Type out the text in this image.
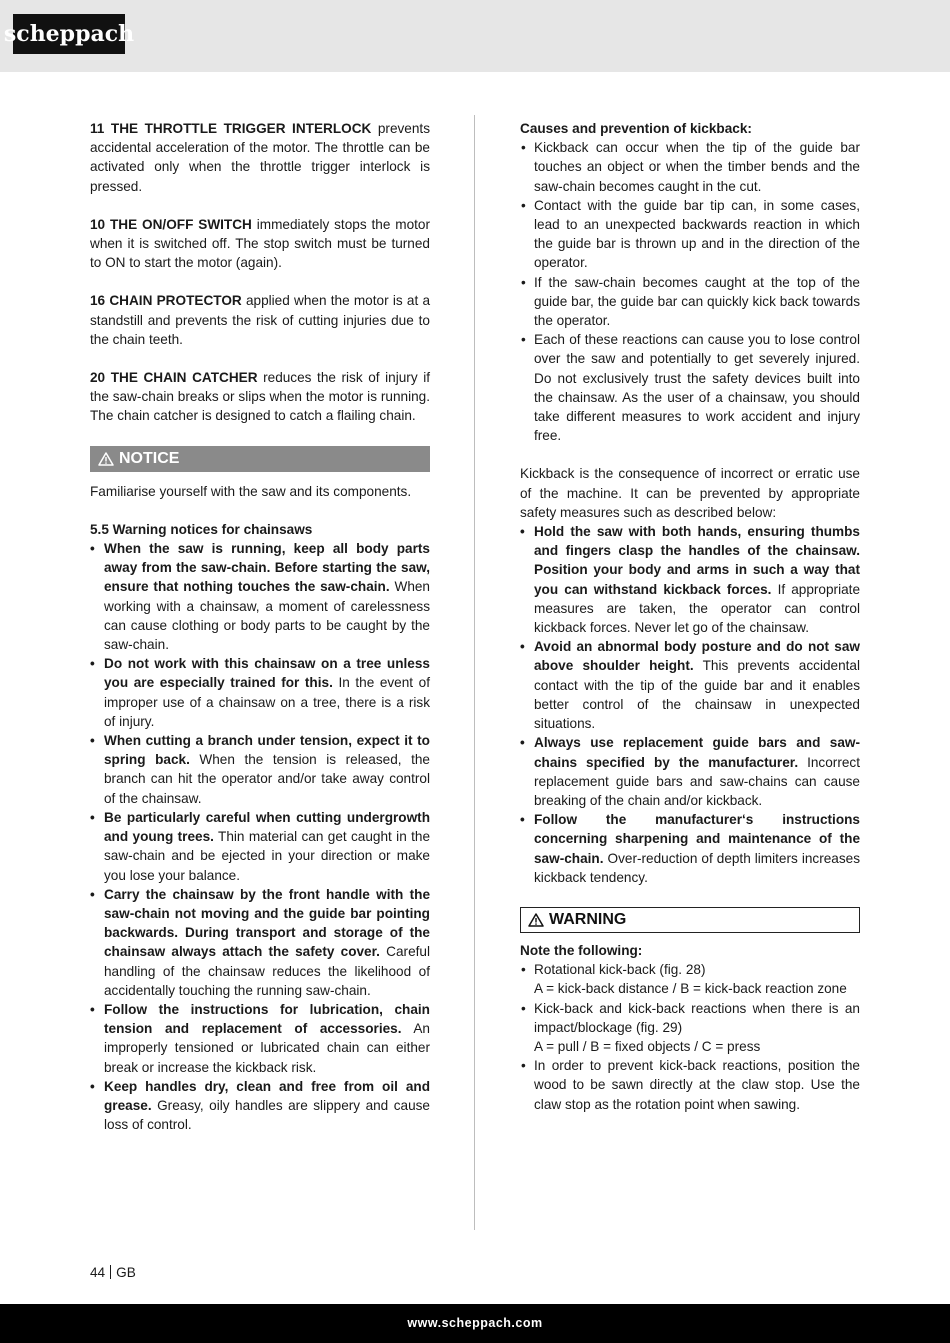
scheppach

11 THE THROTTLE TRIGGER INTERLOCK prevents accidental acceleration of the motor. The throttle can be activated only when the throttle trigger interlock is pressed.

10 THE ON/OFF SWITCH immediately stops the motor when it is switched off. The stop switch must be turned to ON to start the motor (again).

16 CHAIN PROTECTOR applied when the motor is at a standstill and prevents the risk of cutting injuries due to the chain teeth.

20 THE CHAIN CATCHER reduces the risk of injury if the saw-chain breaks or slips when the motor is running. The chain catcher is designed to catch a flailing chain.

NOTICE

Familiarise yourself with the saw and its components.

5.5 Warning notices for chainsaws

• When the saw is running, keep all body parts away from the saw-chain. Before starting the saw, ensure that nothing touches the saw-chain. When working with a chainsaw, a moment of carelessness can cause clothing or body parts to be caught by the saw-chain.
• Do not work with this chainsaw on a tree unless you are especially trained for this. In the event of improper use of a chainsaw on a tree, there is a risk of injury.
• When cutting a branch under tension, expect it to spring back. When the tension is released, the branch can hit the operator and/or take away control of the chainsaw.
• Be particularly careful when cutting undergrowth and young trees. Thin material can get caught in the saw-chain and be ejected in your direction or make you lose your balance.
• Carry the chainsaw by the front handle with the saw-chain not moving and the guide bar pointing backwards. During transport and storage of the chainsaw always attach the safety cover. Careful handling of the chainsaw reduces the likelihood of accidentally touching the running saw-chain.
• Follow the instructions for lubrication, chain tension and replacement of accessories. An improperly tensioned or lubricated chain can either break or increase the kickback risk.
• Keep handles dry, clean and free from oil and grease. Greasy, oily handles are slippery and cause loss of control.

Causes and prevention of kickback:

• Kickback can occur when the tip of the guide bar touches an object or when the timber bends and the saw-chain becomes caught in the cut.
• Contact with the guide bar tip can, in some cases, lead to an unexpected backwards reaction in which the guide bar is thrown up and in the direction of the operator.
• If the saw-chain becomes caught at the top of the guide bar, the guide bar can quickly kick back towards the operator.
• Each of these reactions can cause you to lose control over the saw and potentially to get severely injured. Do not exclusively trust the safety devices built into the chainsaw. As the user of a chainsaw, you should take different measures to work accident and injury free.

Kickback is the consequence of incorrect or erratic use of the machine. It can be prevented by appropriate safety measures such as described below:

• Hold the saw with both hands, ensuring thumbs and fingers clasp the handles of the chainsaw. Position your body and arms in such a way that you can withstand kickback forces. If appropriate measures are taken, the operator can control kickback forces. Never let go of the chainsaw.
• Avoid an abnormal body posture and do not saw above shoulder height. This prevents accidental contact with the tip of the guide bar and it enables better control of the chainsaw in unexpected situations.
• Always use replacement guide bars and saw-chains specified by the manufacturer. Incorrect replacement guide bars and saw-chains can cause breaking of the chain and/or kickback.
• Follow the manufacturer‘s instructions concerning sharpening and maintenance of the saw-chain. Over-reduction of depth limiters increases kickback tendency.
WARNING

Note the following:

• Rotational kick-back (fig. 28)
A = kick-back distance / B = kick-back reaction zone
• Kick-back and kick-back reactions when there is an impact/blockage (fig. 29)
A = pull / B = fixed objects / C = press
• In order to prevent kick-back reactions, position the wood to be sawn directly at the claw stop. Use the claw stop as the rotation point when sawing.
44 GB
www.scheppach.com
